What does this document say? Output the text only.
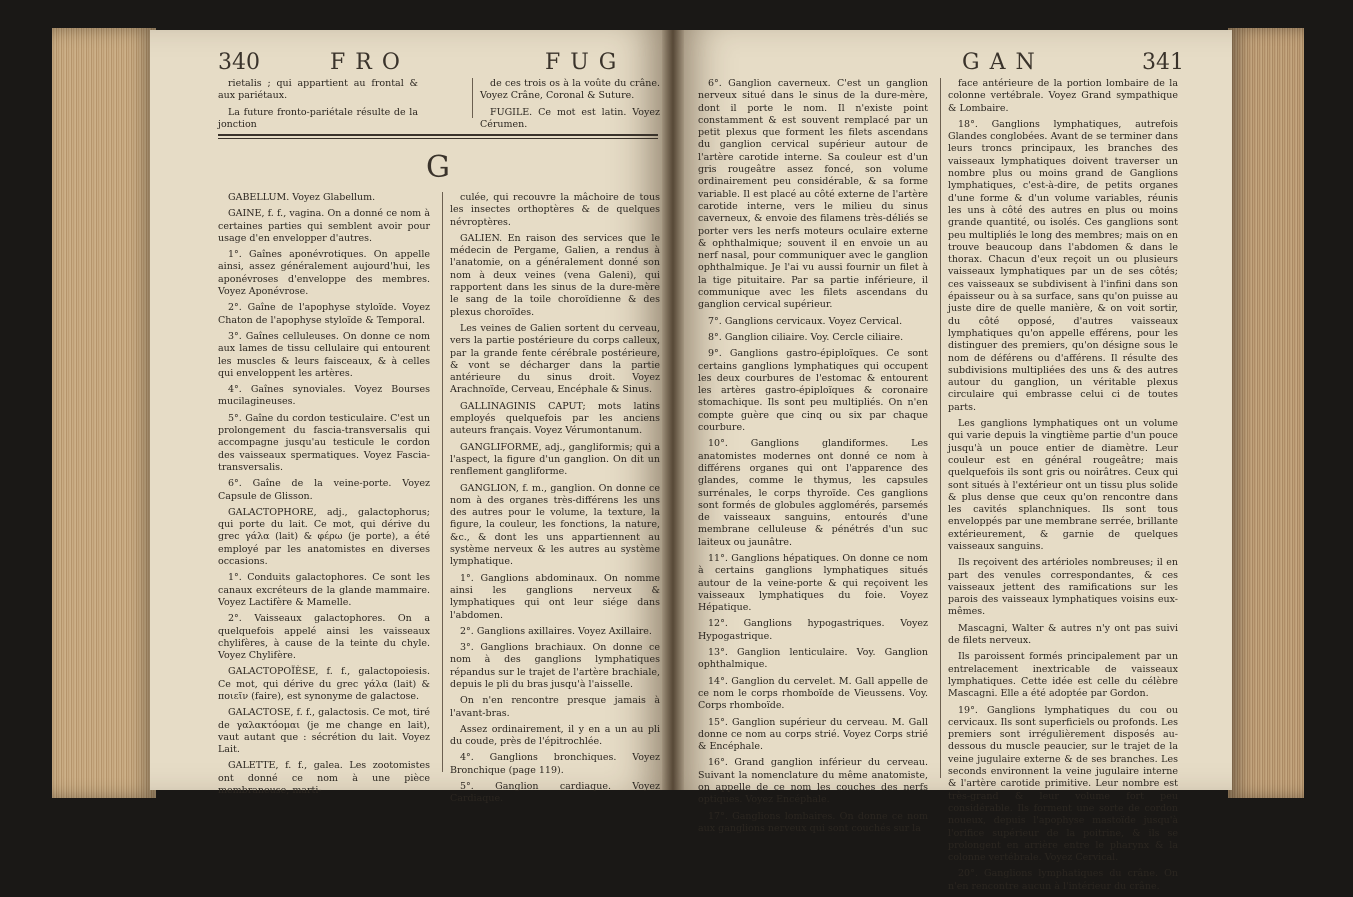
340	FRO	FUG

rietalis ; qui appartient au frontal & aux pariétaux.

La future fronto-pariétale résulte de la jonction

de ces trois os à la voûte du crâne. Voyez Crâne, Coronal & Suture.

FUGILE. Ce mot est latin. Voyez Cérumen.

G

GABELLUM. Voyez Glabellum.

GAINE, f. f., vagina. On a donné ce nom à certaines parties qui semblent avoir pour usage d'en envelopper d'autres.

1°. Gaînes aponévrotiques. On appelle ainsi, assez généralement aujourd'hui, les aponévroses d'enveloppe des membres. Voyez Aponévrose.

2°. Gaîne de l'apophyse styloïde. Voyez Chaton de l'apophyse styloïde & Temporal.

3°. Gaînes celluleuses. On donne ce nom aux lames de tissu cellulaire qui entourent les muscles & leurs faisceaux, & à celles qui enveloppent les artères.

4°. Gaînes synoviales. Voyez Bourses mucilagineuses.

5°. Gaîne du cordon testiculaire. C'est un prolongement du fascia-transversalis qui accompagne jusqu'au testicule le cordon des vaisseaux spermatiques. Voyez Fascia-transversalis.

6°. Gaîne de la veine-porte. Voyez Capsule de Glisson.

GALACTOPHORE, adj., galactophorus; qui porte du lait. Ce mot, qui dérive du grec γάλα (lait) & φέρω (je porte), a été employé par les anatomistes en diverses occasions.

1°. Conduits galactophores. Ce sont les canaux excréteurs de la glande mammaire. Voyez Lactifère & Mamelle.

2°. Vaisseaux galactophores. On a quelquefois appelé ainsi les vaisseaux chylifères, à cause de la teinte du chyle. Voyez Chylifère.

GALACTOPOÏÈSE, f. f., galactopoiesis. Ce mot, qui dérive du grec γάλα (lait) & ποιεῖν (faire), est synonyme de galactose.

GALACTOSE, f. f., galactosis. Ce mot, tiré de γαλακτόομαι (je me change en lait), vaut autant que : sécrétion du lait. Voyez Lait.

GALETTE, f. f., galea. Les zootomistes ont donné ce nom à une pièce membraneuse, marti-

culée, qui recouvre la mâchoire de tous les insectes orthoptères & de quelques névroptères.

GALIEN. En raison des services que le médecin de Pergame, Galien, a rendus à l'anatomie, on a généralement donné son nom à deux veines (vena Galeni), qui rapportent dans les sinus de la dure-mère le sang de la toile choroïdienne & des plexus choroïdes.

Les veines de Galien sortent du cerveau, vers la partie postérieure du corps calleux, par la grande fente cérébrale postérieure, & vont se décharger dans la partie antérieure du sinus droit. Voyez Arachnoïde, Cerveau, Encéphale & Sinus.

GALLINAGINIS CAPUT; mots latins employés quelquefois par les anciens auteurs français. Voyez Vérumontanum.

GANGLIFORME, adj., gangliformis; qui a l'aspect, la figure d'un ganglion. On dit un renflement gangliforme.

GANGLION, f. m., ganglion. On donne ce nom à des organes très-différens les uns des autres pour le volume, la texture, la figure, la couleur, les fonctions, la nature, &c., & dont les uns appartiennent au système nerveux & les autres au système lymphatique.

1°. Ganglions abdominaux. On nomme ainsi les ganglions nerveux & lymphatiques qui ont leur siége dans l'abdomen.

2°. Ganglions axillaires. Voyez Axillaire.

3°. Ganglions brachiaux. On donne ce nom à des ganglions lymphatiques répandus sur le trajet de l'artère brachiale, depuis le pli du bras jusqu'à l'aisselle.

On n'en rencontre presque jamais à l'avant-bras.

Assez ordinairement, il y en a un au pli du coude, près de l'épitrochlée.

4°. Ganglions bronchiques. Voyez Bronchique (page 119).

5°. Ganglion cardiaque. Voyez Cardiaque.

GAN	341

6°. Ganglion caverneux. C'est un ganglion nerveux situé dans le sinus de la dure-mère, dont il porte le nom. Il n'existe point constamment & est souvent remplacé par un petit plexus que forment les filets ascendans du ganglion cervical supérieur autour de l'artère carotide interne. Sa couleur est d'un gris rougeâtre assez foncé, son volume ordinairement peu considérable, & sa forme variable. Il est placé au côté externe de l'artère carotide interne, vers le milieu du sinus caverneux, & envoie des filamens très-déliés se porter vers les nerfs moteurs oculaire externe & ophthalmique; souvent il en envoie un au nerf nasal, pour communiquer avec le ganglion ophthalmique. Je l'ai vu aussi fournir un filet à la tige pituitaire. Par sa partie inférieure, il communique avec les filets ascendans du ganglion cervical supérieur.

7°. Ganglions cervicaux. Voyez Cervical.

8°. Ganglion ciliaire. Voy. Cercle ciliaire.

9°. Ganglions gastro-épiploïques. Ce sont certains ganglions lymphatiques qui occupent les deux courbures de l'estomac & entourent les artères gastro-épiploïques & coronaire stomachique. Ils sont peu multipliés. On n'en compte guère que cinq ou six par chaque courbure.

10°. Ganglions glandiformes. Les anatomistes modernes ont donné ce nom à différens organes qui ont l'apparence des glandes, comme le thymus, les capsules surrénales, le corps thyroïde. Ces ganglions sont formés de globules agglomérés, parsemés de vaisseaux sanguins, entourés d'une membrane celluleuse & pénétrés d'un suc laiteux ou jaunâtre.

11°. Ganglions hépatiques. On donne ce nom à certains ganglions lymphatiques situés autour de la veine-porte & qui reçoivent les vaisseaux lymphatiques du foie. Voyez Hépatique.

12°. Ganglions hypogastriques. Voyez Hypogastrique.

13°. Ganglion lenticulaire. Voy. Ganglion ophthalmique.

14°. Ganglion du cervelet. M. Gall appelle de ce nom le corps rhomboïde de Vieussens. Voy. Corps rhomboïde.

15°. Ganglion supérieur du cerveau. M. Gall donne ce nom au corps strié. Voyez Corps strié & Encéphale.

16°. Grand ganglion inférieur du cerveau. Suivant la nomenclature du même anatomiste, on appelle de ce nom les couches des nerfs optiques. Voyez Encéphale.

17°. Ganglions lombaires. On donne ce nom aux ganglions nerveux qui sont couchés sur la

face antérieure de la portion lombaire de la colonne vertébrale. Voyez Grand sympathique & Lombaire.

18°. Ganglions lymphatiques, autrefois Glandes conglobées. Avant de se terminer dans leurs troncs principaux, les branches des vaisseaux lymphatiques doivent traverser un nombre plus ou moins grand de Ganglions lymphatiques, c'est-à-dire, de petits organes d'une forme & d'un volume variables, réunis les uns à côté des autres en plus ou moins grande quantité, ou isolés. Ces ganglions sont peu multipliés le long des membres; mais on en trouve beaucoup dans l'abdomen & dans le thorax. Chacun d'eux reçoit un ou plusieurs vaisseaux lymphatiques par un de ses côtés; ces vaisseaux se subdivisent à l'infini dans son épaisseur ou à sa surface, sans qu'on puisse au juste dire de quelle manière, & on voit sortir, du côté opposé, d'autres vaisseaux lymphatiques qu'on appelle efférens, pour les distinguer des premiers, qu'on désigne sous le nom de déférens ou d'afférens. Il résulte des subdivisions multipliées des uns & des autres autour du ganglion, un véritable plexus circulaire qui embrasse celui ci de toutes parts.

Les ganglions lymphatiques ont un volume qui varie depuis la vingtième partie d'un pouce jusqu'à un pouce entier de diamètre. Leur couleur est en général rougeâtre; mais quelquefois ils sont gris ou noirâtres. Ceux qui sont situés à l'extérieur ont un tissu plus solide & plus dense que ceux qu'on rencontre dans les cavités splanchniques. Ils sont tous enveloppés par une membrane serrée, brillante extérieurement, & garnie de quelques vaisseaux sanguins.

Ils reçoivent des artérioles nombreuses; il en part des venules correspondantes, & ces vaisseaux jettent des ramifications sur les parois des vaisseaux lymphatiques voisins eux-mêmes.

Mascagni, Walter & autres n'y ont pas suivi de filets nerveux.

Ils paroissent formés principalement par un entrelacement inextricable de vaisseaux lymphatiques. Cette idée est celle du célèbre Mascagni. Elle a été adoptée par Gordon.

19°. Ganglions lymphatiques du cou ou cervicaux. Ils sont superficiels ou profonds. Les premiers sont irrégulièrement disposés au-dessous du muscle peaucier, sur le trajet de la veine jugulaire externe & de ses branches. Les seconds environnent la veine jugulaire interne & l'artère carotide primitive. Leur nombre est très-grand & leur volume fort peu considérable. Ils forment une sorte de cordon noueux, depuis l'apophyse mastoïde jusqu'à l'orifice supérieur de la poitrine, & ils se prolongent en arrière entre le pharynx & la colonne vertébrale. Voyez Cervical.

20°. Ganglions lymphatiques du crâne. On n'en rencontre aucun à l'intérieur du crâne.
